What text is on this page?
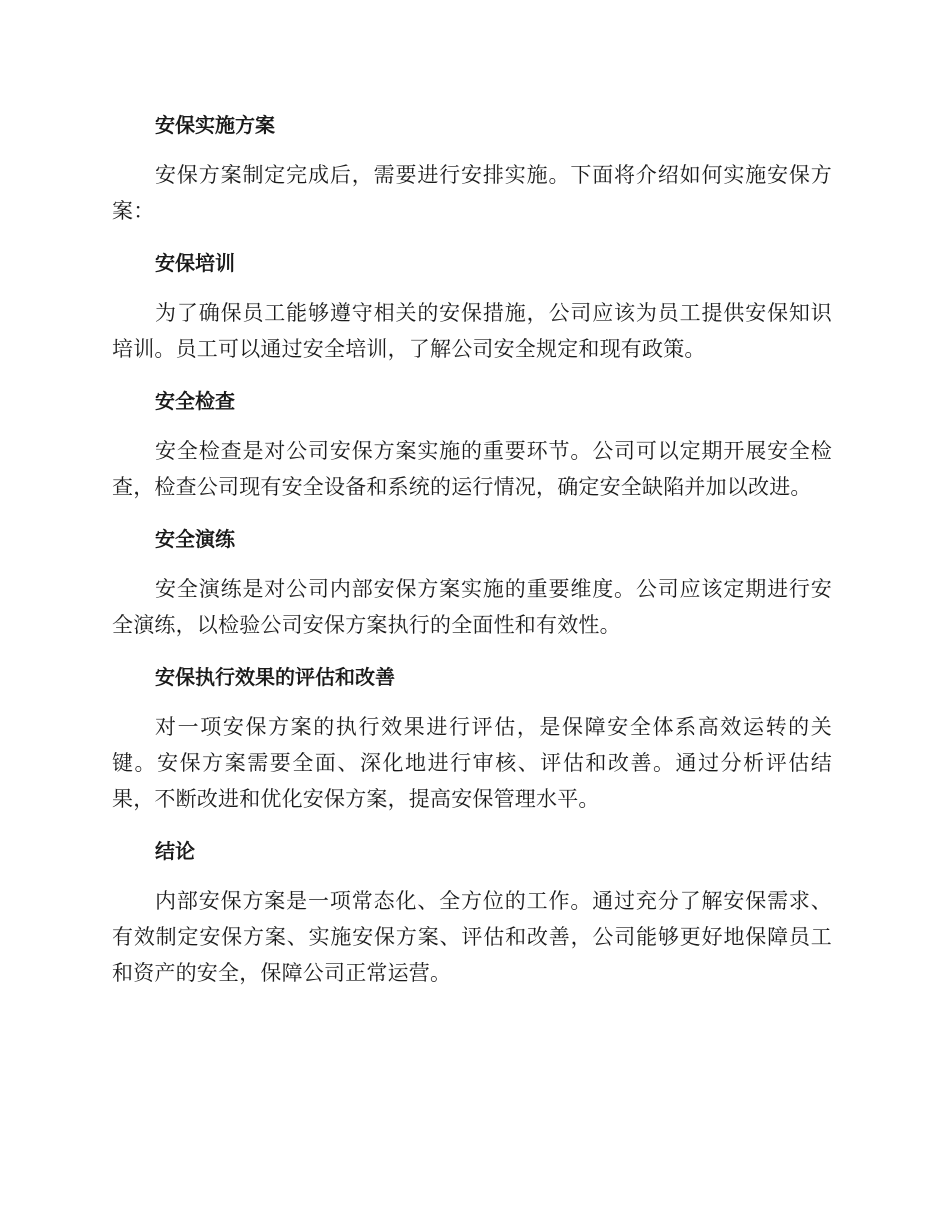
安保实施方案

安保方案制定完成后，需要进行安排实施。下面将介绍如何实施安保方案：

安保培训

为了确保员工能够遵守相关的安保措施，公司应该为员工提供安保知识培训。员工可以通过安全培训，了解公司安全规定和现有政策。

安全检查

安全检查是对公司安保方案实施的重要环节。公司可以定期开展安全检查，检查公司现有安全设备和系统的运行情况，确定安全缺陷并加以改进。

安全演练

安全演练是对公司内部安保方案实施的重要维度。公司应该定期进行安全演练，以检验公司安保方案执行的全面性和有效性。

安保执行效果的评估和改善

对一项安保方案的执行效果进行评估，是保障安全体系高效运转的关键。安保方案需要全面、深化地进行审核、评估和改善。通过分析评估结果，不断改进和优化安保方案，提高安保管理水平。

结论

内部安保方案是一项常态化、全方位的工作。通过充分了解安保需求、有效制定安保方案、实施安保方案、评估和改善，公司能够更好地保障员工和资产的安全，保障公司正常运营。
